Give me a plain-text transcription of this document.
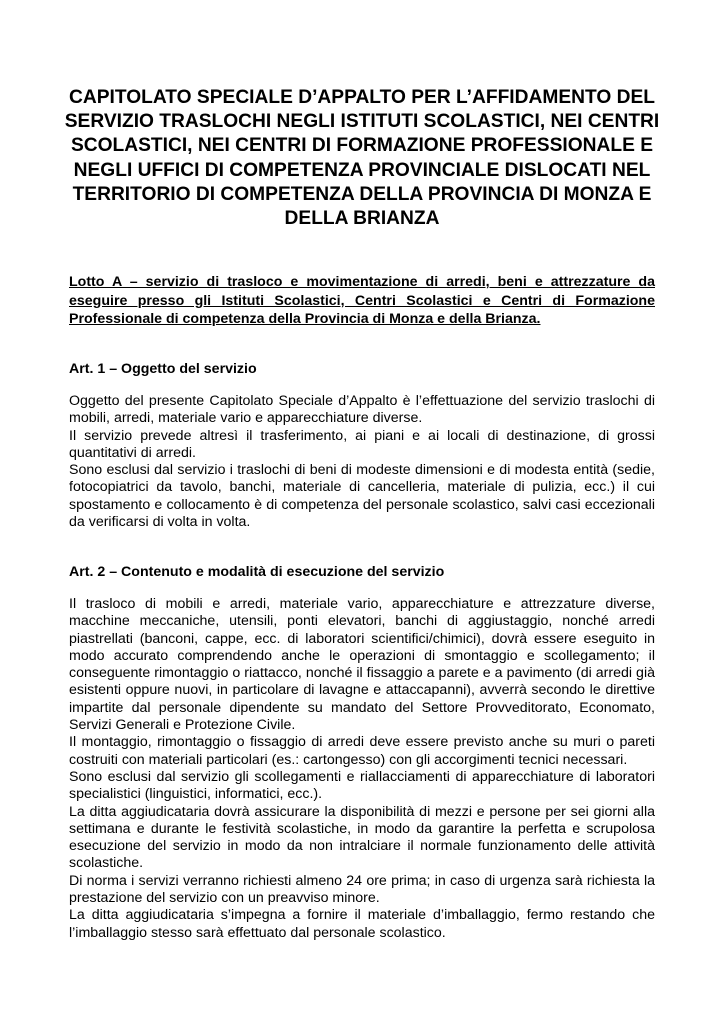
CAPITOLATO SPECIALE D’APPALTO PER L’AFFIDAMENTO DEL SERVIZIO TRASLOCHI NEGLI ISTITUTI SCOLASTICI, NEI CENTRI SCOLASTICI, NEI CENTRI DI FORMAZIONE PROFESSIONALE E NEGLI UFFICI DI COMPETENZA PROVINCIALE DISLOCATI NEL TERRITORIO DI COMPETENZA DELLA PROVINCIA DI MONZA E DELLA BRIANZA

Lotto A – servizio di trasloco e movimentazione di arredi, beni e attrezzature da eseguire presso gli Istituti Scolastici, Centri Scolastici e Centri di Formazione Professionale di competenza della Provincia di Monza e della Brianza.

Art. 1 – Oggetto del servizio

Oggetto del presente Capitolato Speciale d’Appalto è l’effettuazione del servizio traslochi di mobili, arredi, materiale vario e apparecchiature diverse.

Il servizio prevede altresì il trasferimento, ai piani e ai locali di destinazione, di grossi quantitativi di arredi.

Sono esclusi dal servizio i traslochi di beni di modeste dimensioni e di modesta entità (sedie, fotocopiatrici da tavolo, banchi, materiale di cancelleria, materiale di pulizia, ecc.) il cui spostamento e collocamento è di competenza del personale scolastico, salvi casi eccezionali da verificarsi di volta in volta.

Art. 2 – Contenuto e modalità di esecuzione del servizio

Il trasloco di mobili e arredi, materiale vario, apparecchiature e attrezzature diverse, macchine meccaniche, utensili, ponti elevatori, banchi di aggiustaggio, nonché arredi piastrellati (banconi, cappe, ecc. di laboratori scientifici/chimici), dovrà essere eseguito in modo accurato comprendendo anche le operazioni di smontaggio e scollegamento; il conseguente rimontaggio o riattacco, nonché il fissaggio a parete e a pavimento (di arredi già esistenti oppure nuovi, in particolare di lavagne e attaccapanni), avverrà secondo le direttive impartite dal personale dipendente su mandato del Settore Provveditorato, Economato, Servizi Generali e Protezione Civile.

Il montaggio, rimontaggio o fissaggio di arredi deve essere previsto anche su muri o pareti costruiti con materiali particolari (es.: cartongesso) con gli accorgimenti tecnici necessari.

Sono esclusi dal servizio gli scollegamenti e riallacciamenti di apparecchiature di laboratori specialistici (linguistici, informatici, ecc.).

La ditta aggiudicataria dovrà assicurare la disponibilità di mezzi e persone per sei giorni alla settimana e durante le festività scolastiche, in modo da garantire la perfetta e scrupolosa esecuzione del servizio in modo da non intralciare il normale funzionamento delle attività scolastiche.

Di norma i servizi verranno richiesti almeno 24 ore prima; in caso di urgenza sarà richiesta la prestazione del servizio con un preavviso minore.

La ditta aggiudicataria s’impegna a fornire il materiale d’imballaggio, fermo restando che l’imballaggio stesso sarà effettuato dal personale scolastico.
